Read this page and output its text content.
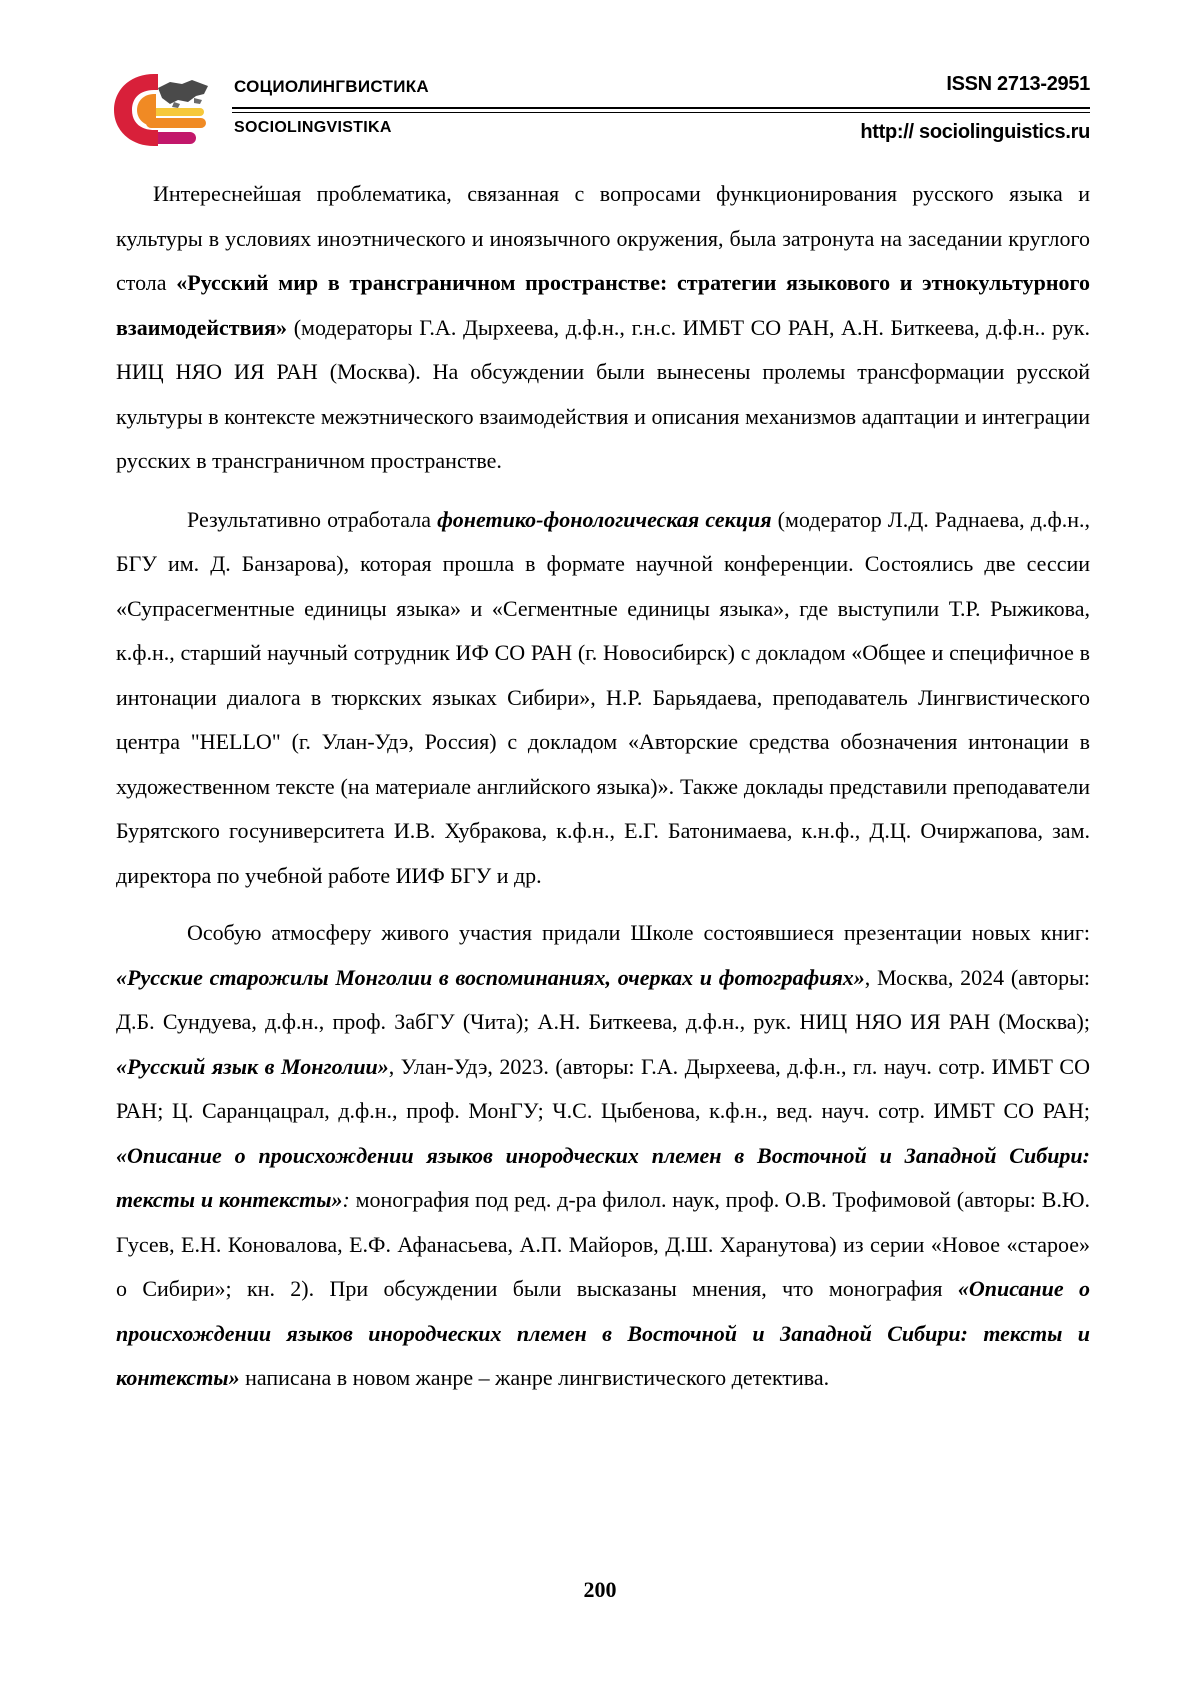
СОЦИОЛИНГВИСТИКА
SOCIOLINGVISTIKA
ISSN 2713-2951
http:// sociolinguistics.ru

Интереснейшая проблематика, связанная с вопросами функционирования русского языка и культуры в условиях иноэтнического и иноязычного окружения, была затронута на заседании круглого стола «Русский мир в трансграничном пространстве: стратегии языкового и этнокультурного взаимодействия» (модераторы Г.А. Дырхеева, д.ф.н., г.н.с. ИМБТ СО РАН, А.Н. Биткеева, д.ф.н.. рук. НИЦ НЯО ИЯ РАН (Москва). На обсуждении были вынесены пролемы трансформации русской культуры в контексте межэтнического взаимодействия и описания механизмов адаптации и интеграции русских в трансграничном пространстве.

Результативно отработала фонетико-фонологическая секция (модератор Л.Д. Раднаева, д.ф.н., БГУ им. Д. Банзарова), которая прошла в формате научной конференции. Состоялись две сессии «Супрасегментные единицы языка» и «Сегментные единицы языка», где выступили Т.Р. Рыжикова, к.ф.н., старший научный сотрудник ИФ СО РАН (г. Новосибирск) с докладом «Общее и специфичное в интонации диалога в тюркских языках Сибири», Н.Р. Барьядаева, преподаватель Лингвистического центра "HELLO" (г. Улан-Удэ, Россия) с докладом «Авторские средства обозначения интонации в художественном тексте (на материале английского языка)». Также доклады представили преподаватели Бурятского госуниверситета И.В. Хубракова, к.ф.н., Е.Г. Батонимаева, к.н.ф., Д.Ц. Очиржапова, зам. директора по учебной работе ИИФ БГУ и др.

Особую атмосферу живого участия придали Школе состоявшиеся презентации новых книг: «Русские старожилы Монголии в воспоминаниях, очерках и фотографиях», Москва, 2024 (авторы: Д.Б. Сундуева, д.ф.н., проф. ЗабГУ (Чита); А.Н. Биткеева, д.ф.н., рук. НИЦ НЯО ИЯ РАН (Москва); «Русский язык в Монголии», Улан-Удэ, 2023. (авторы: Г.А. Дырхеева, д.ф.н., гл. науч. сотр. ИМБТ СО РАН; Ц. Саранцацрал, д.ф.н., проф. МонГУ; Ч.С. Цыбенова, к.ф.н., вед. науч. сотр. ИМБТ СО РАН; «Описание о происхождении языков инородческих племен в Восточной и Западной Сибири: тексты и контексты»: монография под ред. д-ра филол. наук, проф. О.В. Трофимовой (авторы: В.Ю. Гусев, Е.Н. Коновалова, Е.Ф. Афанасьева, А.П. Майоров, Д.Ш. Харанутова) из серии «Новое «старое» о Сибири»; кн. 2). При обсуждении были высказаны мнения, что монография «Описание о происхождении языков инородческих племен в Восточной и Западной Сибири: тексты и контексты» написана в новом жанре – жанре лингвистического детектива.

200
